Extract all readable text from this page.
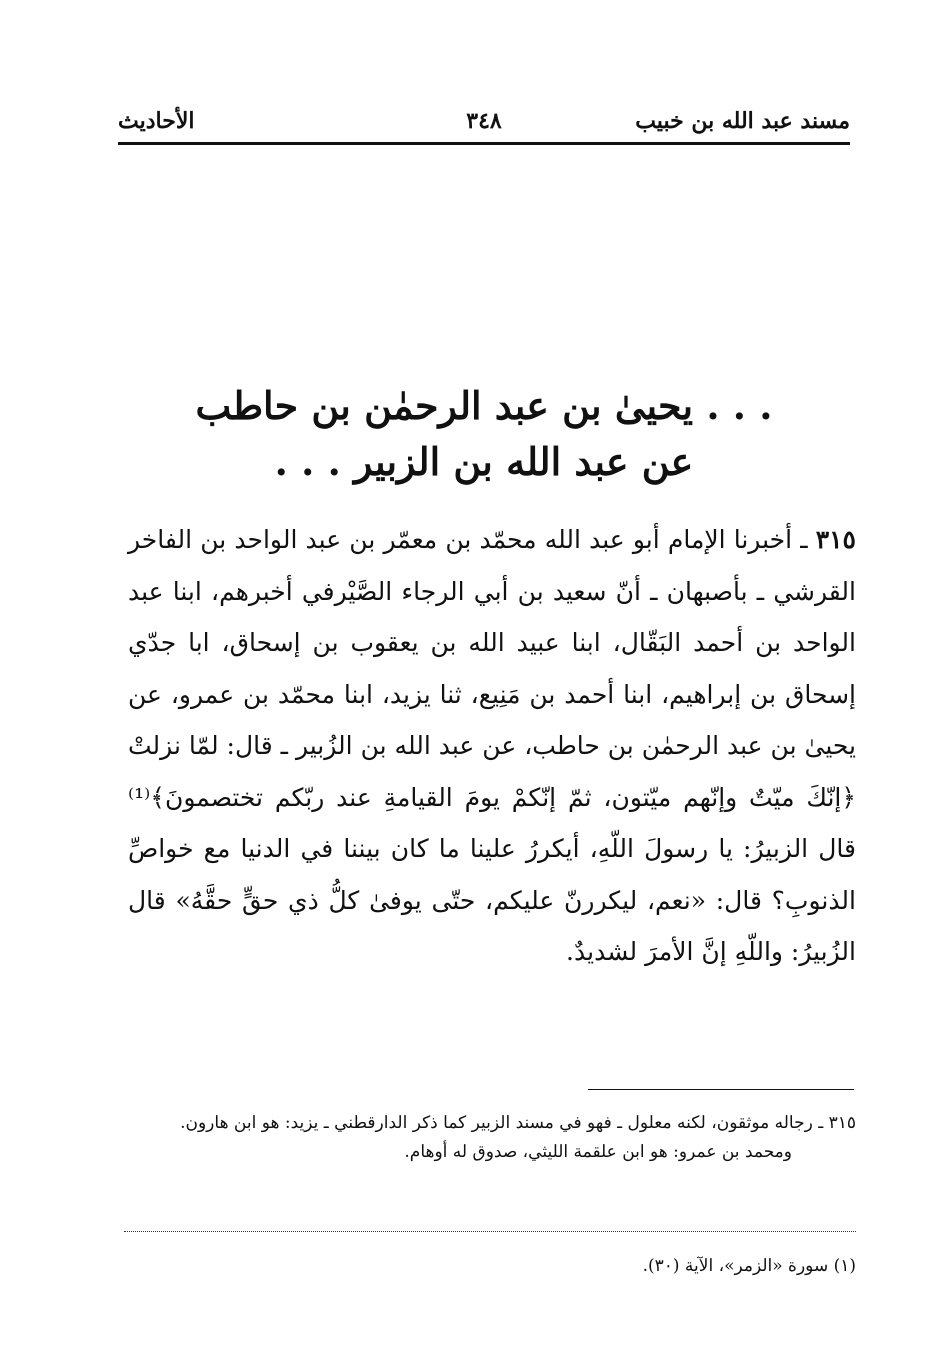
مسند عبد الله بن خبيب
٣٤٨
الأحاديث
. . . يحيىٰ بن عبد الرحمٰن بن حاطب
عن عبد الله بن الزبير . . .
٣١٥ ـ أخبرنا الإمام أبو عبد الله محمّد بن معمّر بن عبد الواحد بن الفاخر القرشي ـ بأصبهان ـ أنّ سعيد بن أبي الرجاء الصَّيْرفي أخبرهم، ابنا عبد الواحد بن أحمد البَقّال، ابنا عبيد الله بن يعقوب بن إسحاق، ابا جدّي إسحاق بن إبراهيم، ابنا أحمد بن مَنِيع، ثنا يزيد، ابنا محمّد بن عمرو، عن يحيىٰ بن عبد الرحمٰن بن حاطب، عن عبد الله بن الزُبير ـ قال: لمّا نزلتْ ﴿إنّكَ ميّتٌ وإنّهم ميّتون، ثمّ إنّكمْ يومَ القيامةِ عند ربّكم تختصمونَ﴾⁽¹⁾ قال الزبيرُ: يا رسولَ اللّهِ، أيكررُ علينا ما كان بيننا في الدنيا مع خواصِّ الذنوبِ؟ قال: «نعم، ليكررنّ عليكم، حتّى يوفىٰ كلُّ ذي حقٍّ حقَّهُ» قال الزُبيرُ: واللّهِ إنَّ الأمرَ لشديدٌ.
٣١٥ ـ رجاله موثقون، لكنه معلول ـ فهو في مسند الزبير كما ذكر الدارقطني ـ يزيد: هو ابن هارون.
ومحمد بن عمرو: هو ابن علقمة الليثي، صدوق له أوهام.
(١) سورة «الزمر»، الآية (٣٠).
